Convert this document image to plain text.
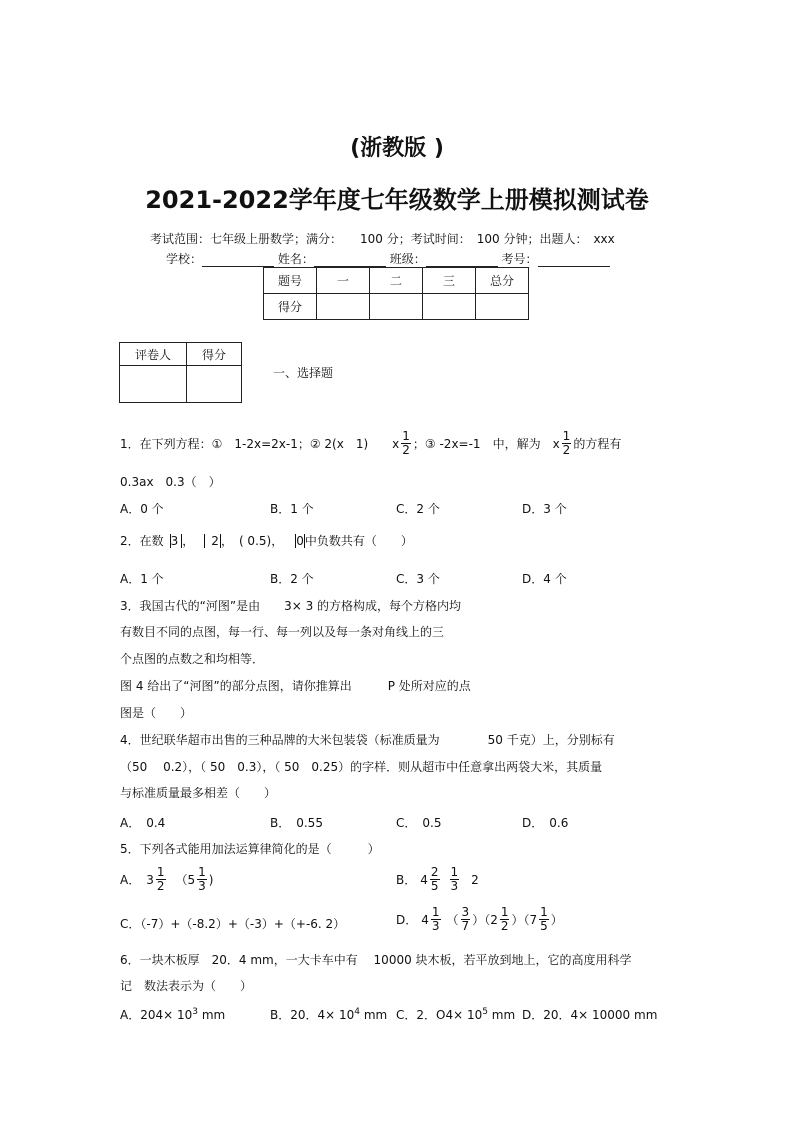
(浙教版 )
2021-2022学年度七年级数学上册模拟测试卷
考试范围：七年级上册数学；满分：　　100 分；考试时间：　100 分钟；出题人：　xxx
学校：	姓名：	班级：	考号：
题号	一	二	三	总分
得分				
评卷人	得分

一、选择题
1．在下列方程：①　1-2x=2x-1；② 2(x　1)　　x $\frac{1}{2}$ ；③ -2x=-1　中，解为　x $\frac{1}{2}$ 的方程有
0.3ax　0.3（　）
A．0 个	B．1 个	C．2 个	D．3 个
2．在数 3 ， 2 ，　( 0.5)， 0 中负数共有（　　）
A．1 个	B．2 个	C．3 个	D．4 个
3．我国古代的“河图”是由　　3× 3 的方格构成，每个方格内均
有数目不同的点图，每一行、每一列以及每一条对角线上的三
个点图的点数之和均相等．
图 4 给出了“河图”的部分点图，请你推算出　　　P 处所对应的点
图是（　　）
4．世纪联华超市出售的三种品牌的大米包装袋（标准质量为　　　　50 千克）上，分别标有
（50　 0.2），（ 50　0.3），（ 50　0.25）的字样．则从超市中任意拿出两袋大米，其质量
与标准质量最多相差（　　）
A．　0.4	B．　0.55	C．　0.5	D．　0.6
5．下列各式能用加法运算律简化的是（　　　）
A． $3 \frac{1}{2}$ （ $5 \frac{1}{3}$ )	B． $4 \frac{2}{5} \frac{1}{3} 2$
C．（-7）+（-8.2）+（-3）+（+-6. 2）	D． $4 \frac{1}{3}$ （ $\frac{3}{7}$ ）（ $2 \frac{1}{2}$ ）（ $7 \frac{1}{5}$ ）
6．一块木板厚　20．4 mm，一大卡车中有　 10000 块木板，若平放到地上，它的高度用科学
记　数法表示为（　　）
A．$204\times 10^3$ mm	B．20．$4\times 10^4$ mm C．2．$O4\times 10^5$ mm D．20．4× 10000 mm
